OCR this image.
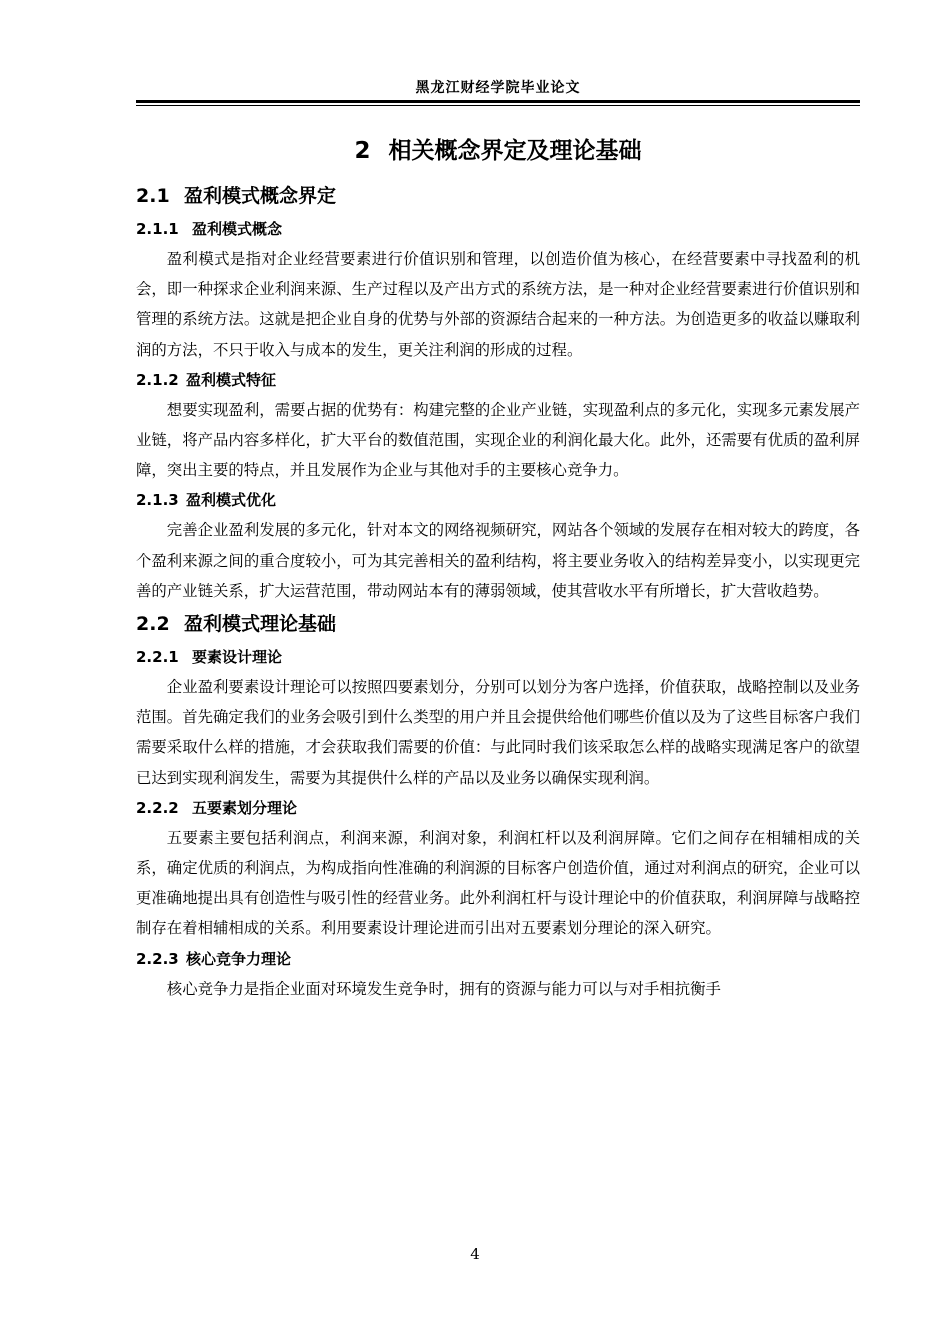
黑龙江财经学院毕业论文
2 相关概念界定及理论基础
2.1 盈利模式概念界定
2.1.1 盈利模式概念

盈利模式是指对企业经营要素进行价值识别和管理，以创造价值为核心，在经营要素中寻找盈利的机会，即一种探求企业利润来源、生产过程以及产出方式的系统方法，是一种对企业经营要素进行价值识别和管理的系统方法。这就是把企业自身的优势与外部的资源结合起来的一种方法。为创造更多的收益以赚取利润的方法，不只于收入与成本的发生，更关注利润的形成的过程。

2.1.2 盈利模式特征

想要实现盈利，需要占据的优势有：构建完整的企业产业链，实现盈利点的多元化，实现多元素发展产业链，将产品内容多样化，扩大平台的数值范围，实现企业的利润化最大化。此外，还需要有优质的盈利屏障，突出主要的特点，并且发展作为企业与其他对手的主要核心竞争力。

2.1.3 盈利模式优化

完善企业盈利发展的多元化，针对本文的网络视频研究，网站各个领域的发展存在相对较大的跨度，各个盈利来源之间的重合度较小，可为其完善相关的盈利结构，将主要业务收入的结构差异变小，以实现更完善的产业链关系，扩大运营范围，带动网站本有的薄弱领域，使其营收水平有所增长，扩大营收趋势。

2.2 盈利模式理论基础
2.2.1 要素设计理论

企业盈利要素设计理论可以按照四要素划分，分别可以划分为客户选择，价值获取，战略控制以及业务范围。首先确定我们的业务会吸引到什么类型的用户并且会提供给他们哪些价值以及为了这些目标客户我们需要采取什么样的措施，才会获取我们需要的价值：与此同时我们该采取怎么样的战略实现满足客户的欲望已达到实现利润发生，需要为其提供什么样的产品以及业务以确保实现利润。

2.2.2 五要素划分理论

五要素主要包括利润点，利润来源，利润对象，利润杠杆以及利润屏障。它们之间存在相辅相成的关系，确定优质的利润点，为构成指向性准确的利润源的目标客户创造价值，通过对利润点的研究，企业可以更准确地提出具有创造性与吸引性的经营业务。此外利润杠杆与设计理论中的价值获取，利润屏障与战略控制存在着相辅相成的关系。利用要素设计理论进而引出对五要素划分理论的深入研究。

2.2.3 核心竞争力理论

核心竞争力是指企业面对环境发生竞争时，拥有的资源与能力可以与对手相抗衡手

4
